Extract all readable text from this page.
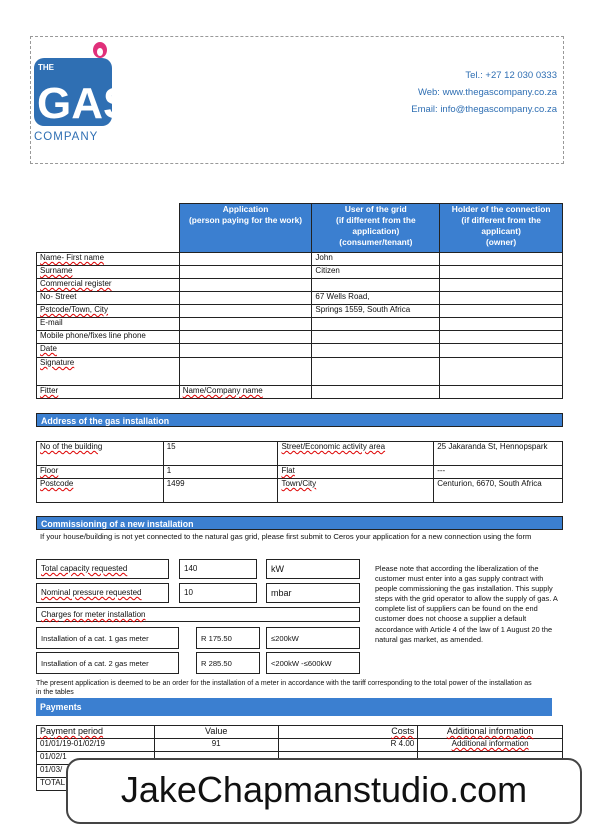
THE
GAS
COMPANY
Tel.: +27 12 030 0333
Web: www.thegascompany.co.za
Email: info@thegascompany.co.za
	Application
(person paying for the work)	User of the grid
(if different from the application)
(consumer/tenant)	Holder of the connection
(if different from the applicant)
(owner)
Name- First name		John	
Surname		Citizen	
Commercial register			
No- Street		67 Wells Road,	
Pstcode/Town, City		Springs 1559, South Africa	
E-mail			
Mobile phone/fixes line phone			
Date			
Signature			
Fitter	Name/Company name		
Address of the gas installation
No of the building	15	Street/Economic activity area	25 Jakaranda St, Hennopspark
Floor	1	Flat	---
Postcode	1499	Town/City	Centurion, 6670, South Africa
Commissioning of a new installation
If your house/building is not yet connected to the natural gas grid, please first submit to Ceros your application for a new connection using the form
Total capacity requested	140	kW
Nominal pressure requested	10	mbar
Charges for meter installation
Installation of a cat. 1 gas meter	R 175.50	≤200kW
Installation of a cat. 2 gas meter	R 285.50	<200kW -≤600kW
Please note that according the liberalization of the customer must enter into a gas supply contract with people commissioning the gas installation. This supply steps with the grid operator to allow the supply of gas. A complete list of suppliers can be found on the end customer does not choose a supplier a default accordance with Article 4 of the law of 1 August 20 the natural gas market, as amended.
The present application is deemed to be an order for the installation of a meter in accordance with the tariff corresponding to the total power of the installation as in the tables
Payments
Payment period	Value	Costs	Additional information
01/01/19-01/02/19	91	R 4.00	Additional information
01/02/1			
01/03/			
TOTAL				JakeChapmanstudio.com
